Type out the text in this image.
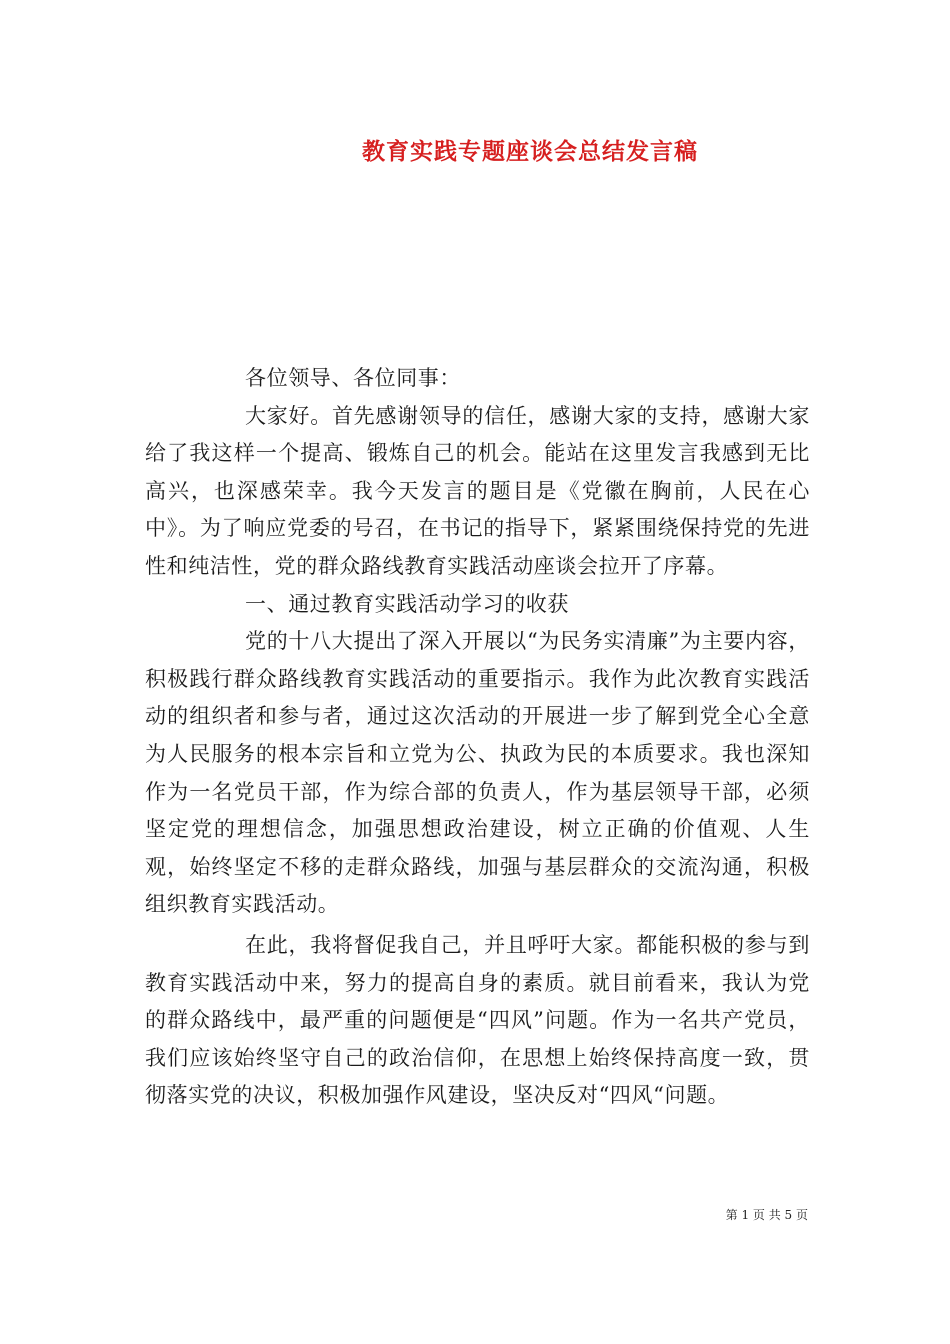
教育实践专题座谈会总结发言稿

各位领导、各位同事：

大家好。首先感谢领导的信任，感谢大家的支持，感谢大家给了我这样一个提高、锻炼自己的机会。能站在这里发言我感到无比高兴，也深感荣幸。我今天发言的题目是《党徽在胸前，人民在心中》。为了响应党委的号召，在书记的指导下，紧紧围绕保持党的先进性和纯洁性，党的群众路线教育实践活动座谈会拉开了序幕。

一、通过教育实践活动学习的收获

党的十八大提出了深入开展以“为民务实清廉”为主要内容，积极践行群众路线教育实践活动的重要指示。我作为此次教育实践活动的组织者和参与者，通过这次活动的开展进一步了解到党全心全意为人民服务的根本宗旨和立党为公、执政为民的本质要求。我也深知作为一名党员干部，作为综合部的负责人，作为基层领导干部，必须坚定党的理想信念，加强思想政治建设，树立正确的价值观、人生观，始终坚定不移的走群众路线，加强与基层群众的交流沟通，积极组织教育实践活动。

在此，我将督促我自己，并且呼吁大家。都能积极的参与到教育实践活动中来，努力的提高自身的素质。就目前看来，我认为党的群众路线中，最严重的问题便是“四风”问题。作为一名共产党员，我们应该始终坚守自己的政治信仰，在思想上始终保持高度一致，贯彻落实党的决议，积极加强作风建设，坚决反对“四风“问题。

第 1 页 共 5 页
